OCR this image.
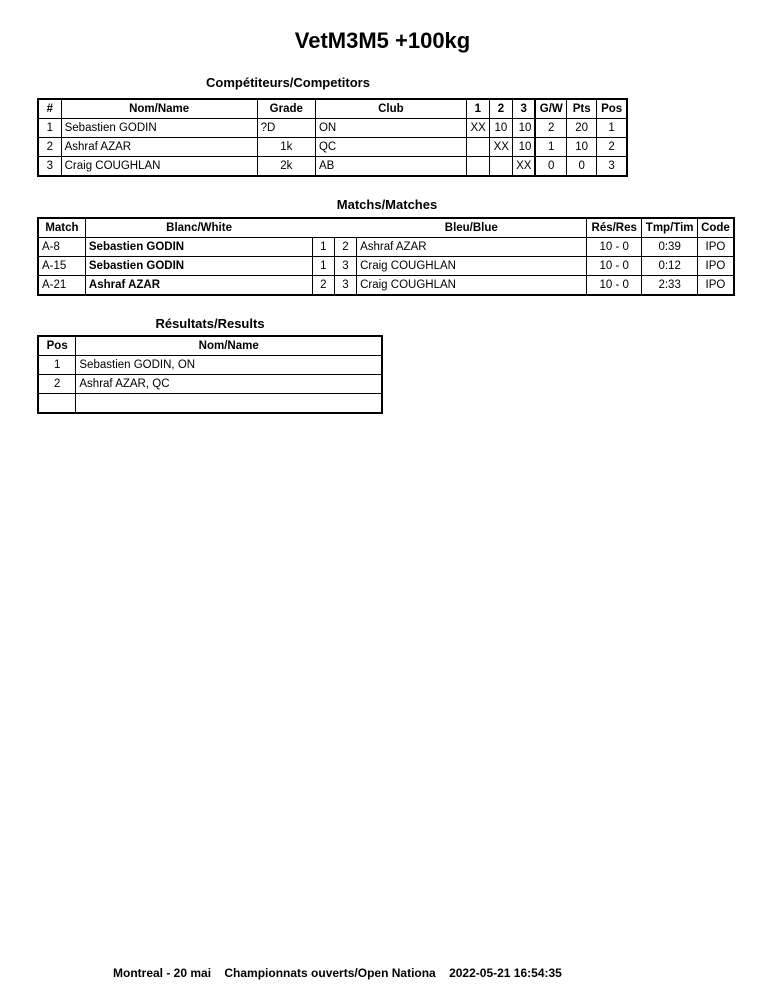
VetM3M5 +100kg
Compétiteurs/Competitors
#	Nom/Name	Grade	Club	1	2	3	G/W	Pts	Pos
1	Sebastien GODIN	?D	ON	XX	10	10	2	20	1
2	Ashraf AZAR	1k	QC		XX	10	1	10	2
3	Craig COUGHLAN	2k	AB			XX	0	0	3
Matchs/Matches
Match	Blanc/White			Bleu/Blue	Rés/Res	Tmp/Tim	Code
A-8	Sebastien GODIN	1	2	Ashraf AZAR	10 - 0	0:39	IPO
A-15	Sebastien GODIN	1	3	Craig COUGHLAN	10 - 0	0:12	IPO
A-21	Ashraf AZAR	2	3	Craig COUGHLAN	10 - 0	2:33	IPO
Résultats/Results
Pos	Nom/Name
1	Sebastien GODIN, ON
2	Ashraf AZAR, QC

Montreal - 20 mai Championnats ouverts/Open Nationa 2022-05-21 16:54:35
